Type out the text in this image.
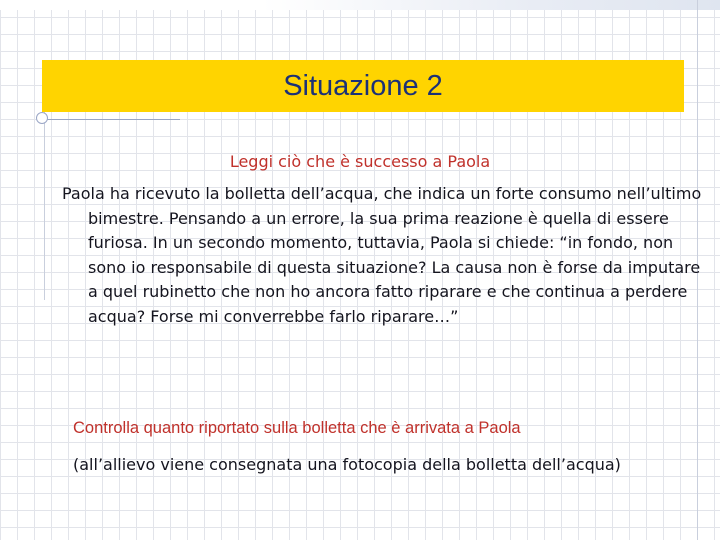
Situazione 2
Leggi ciò che è successo a Paola

Paola ha ricevuto la bolletta dell’acqua, che indica un forte consumo nell’ultimo bimestre. Pensando a un errore, la sua prima reazione è quella di essere furiosa. In un secondo momento, tuttavia, Paola si chiede: “in fondo, non sono io responsabile di questa situazione? La causa non è forse da imputare a quel rubinetto che non ho ancora fatto riparare e che continua a perdere acqua? Forse mi converrebbe farlo riparare…”

Controlla quanto riportato sulla bolletta che è arrivata a Paola
(all’allievo viene consegnata una fotocopia della bolletta dell’acqua)
